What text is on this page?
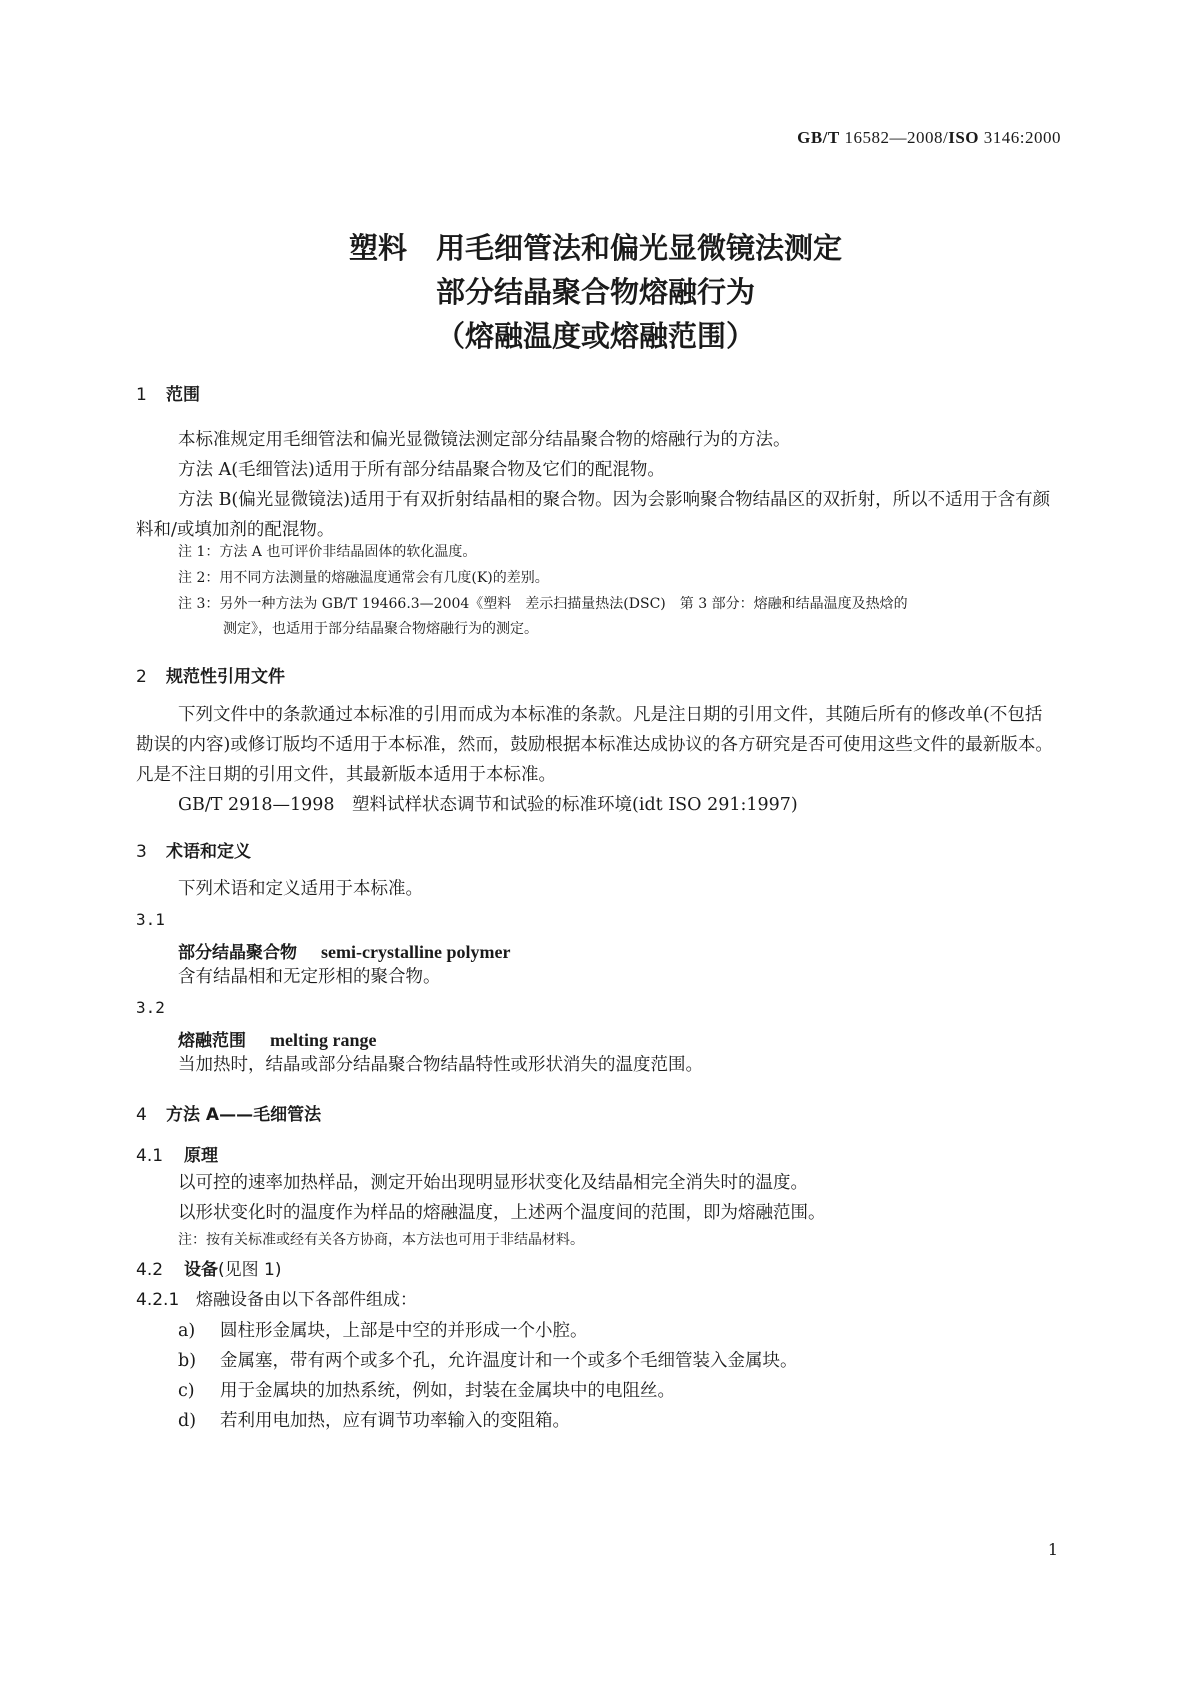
GB/T 16582—2008/ISO 3146:2000
塑料　用毛细管法和偏光显微镜法测定
部分结晶聚合物熔融行为
（熔融温度或熔融范围）
1 范围
本标准规定用毛细管法和偏光显微镜法测定部分结晶聚合物的熔融行为的方法。
方法 A(毛细管法)适用于所有部分结晶聚合物及它们的配混物。
方法 B(偏光显微镜法)适用于有双折射结晶相的聚合物。因为会影响聚合物结晶区的双折射，所以不适用于含有颜料和/或填加剂的配混物。
注 1：方法 A 也可评价非结晶固体的软化温度。
注 2：用不同方法测量的熔融温度通常会有几度(K)的差别。
注 3：另外一种方法为 GB/T 19466.3—2004《塑料　差示扫描量热法(DSC)　第 3 部分：熔融和结晶温度及热焓的
测定》，也适用于部分结晶聚合物熔融行为的测定。
2 规范性引用文件
下列文件中的条款通过本标准的引用而成为本标准的条款。凡是注日期的引用文件，其随后所有的修改单(不包括勘误的内容)或修订版均不适用于本标准，然而，鼓励根据本标准达成协议的各方研究是否可使用这些文件的最新版本。凡是不注日期的引用文件，其最新版本适用于本标准。
GB/T 2918—1998　塑料试样状态调节和试验的标准环境(idt ISO 291:1997)
3 术语和定义
下列术语和定义适用于本标准。
3.1
部分结晶聚合物 semi-crystalline polymer
含有结晶相和无定形相的聚合物。
3.2
熔融范围 melting range
当加热时，结晶或部分结晶聚合物结晶特性或形状消失的温度范围。
4 方法 A——毛细管法
4.1 原理
以可控的速率加热样品，测定开始出现明显形状变化及结晶相完全消失时的温度。
以形状变化时的温度作为样品的熔融温度，上述两个温度间的范围，即为熔融范围。
注：按有关标准或经有关各方协商，本方法也可用于非结晶材料。
4.2 设备(见图 1)
4.2.1 熔融设备由以下各部件组成：
a) 圆柱形金属块，上部是中空的并形成一个小腔。
b) 金属塞，带有两个或多个孔，允许温度计和一个或多个毛细管装入金属块。
c) 用于金属块的加热系统，例如，封装在金属块中的电阻丝。
d) 若利用电加热，应有调节功率输入的变阻箱。
1
